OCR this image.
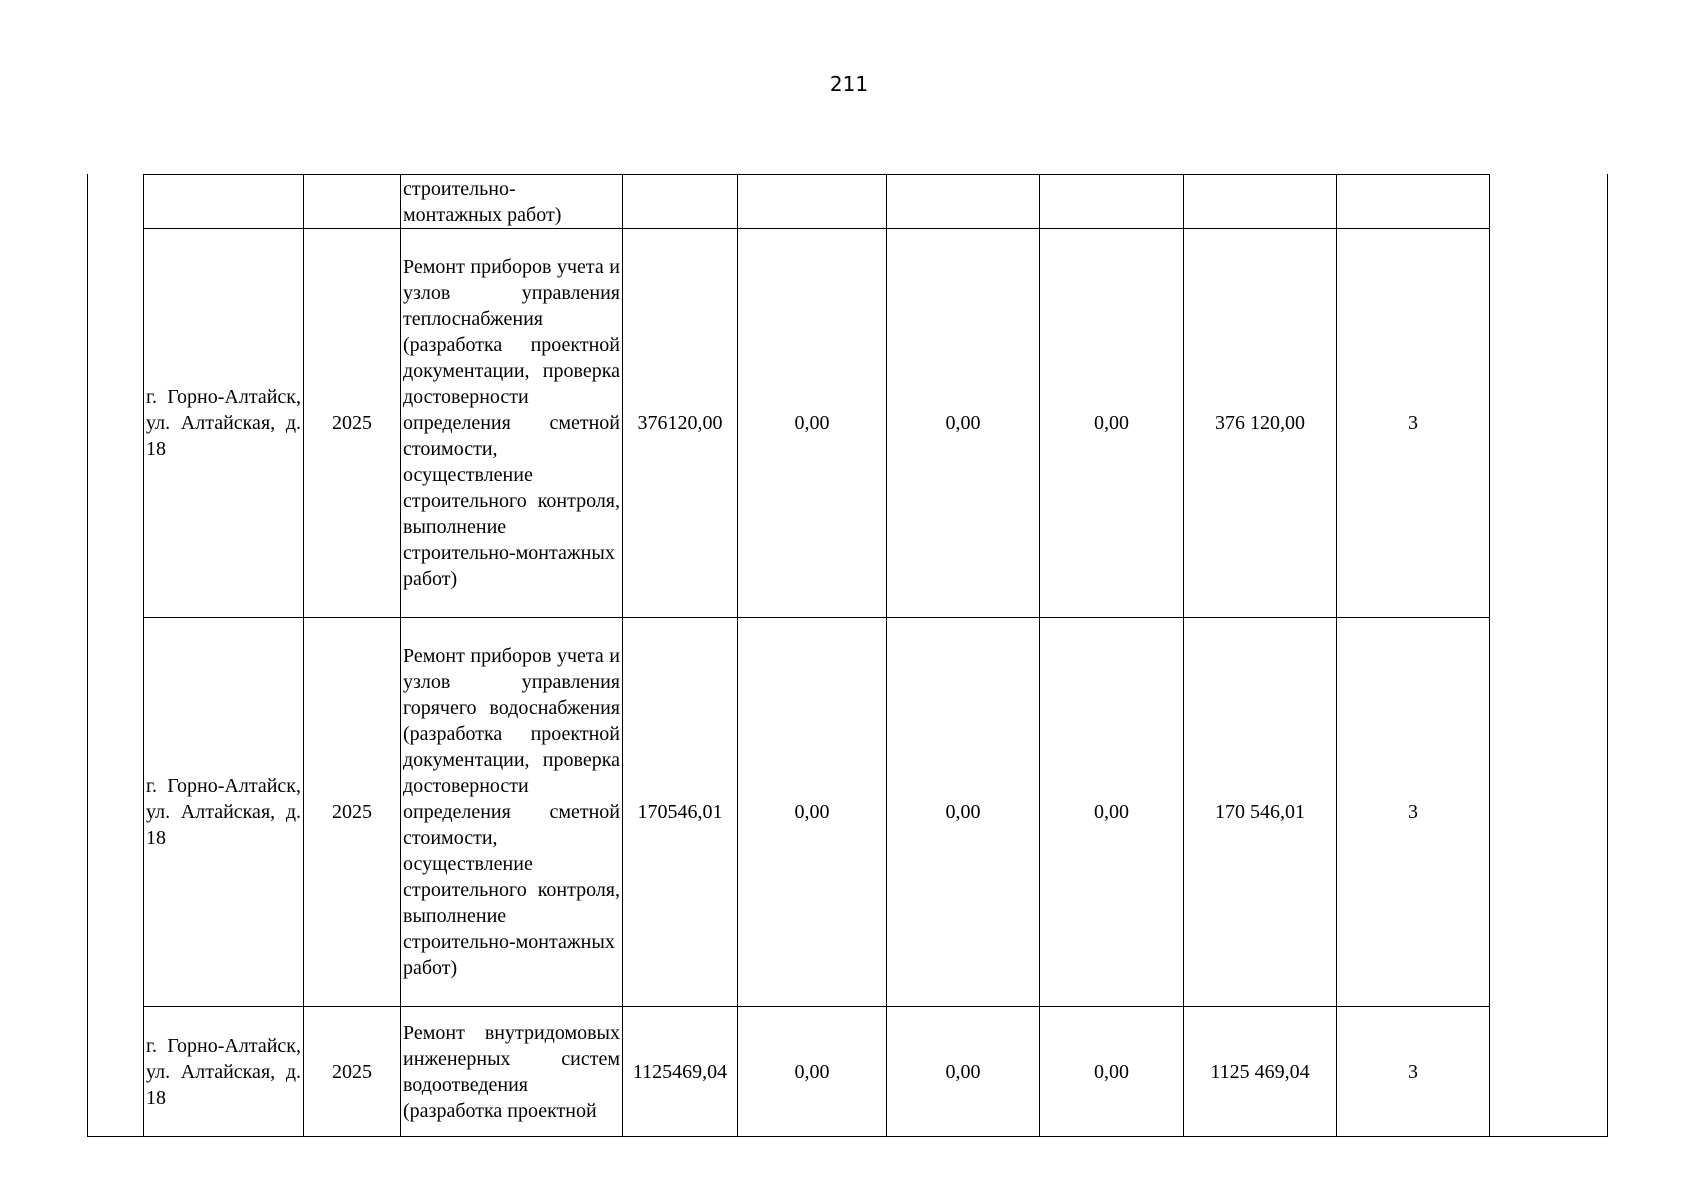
211
		строительно-
монтажных работ)						
г. Горно-Алтайск, ул. Алтайская, д. 18	2025	Ремонт приборов учета и узлов управления теплоснабжения (разработка проектной документации, проверка достоверности определения сметной стоимости, осуществление строительного контроля, выполнение строительно-монтажных работ)	376120,00	0,00	0,00	0,00	376 120,00	3
г. Горно-Алтайск, ул. Алтайская, д. 18	2025	Ремонт приборов учета и узлов управления горячего водоснабжения (разработка проектной документации, проверка достоверности определения сметной стоимости, осуществление строительного контроля, выполнение строительно-монтажных работ)	170546,01	0,00	0,00	0,00	170 546,01	3
г. Горно-Алтайск, ул. Алтайская, д. 18	2025	Ремонт внутридомовых инженерных систем водоотведения (разработка проектной	1125469,04	0,00	0,00	0,00	1125 469,04	3
